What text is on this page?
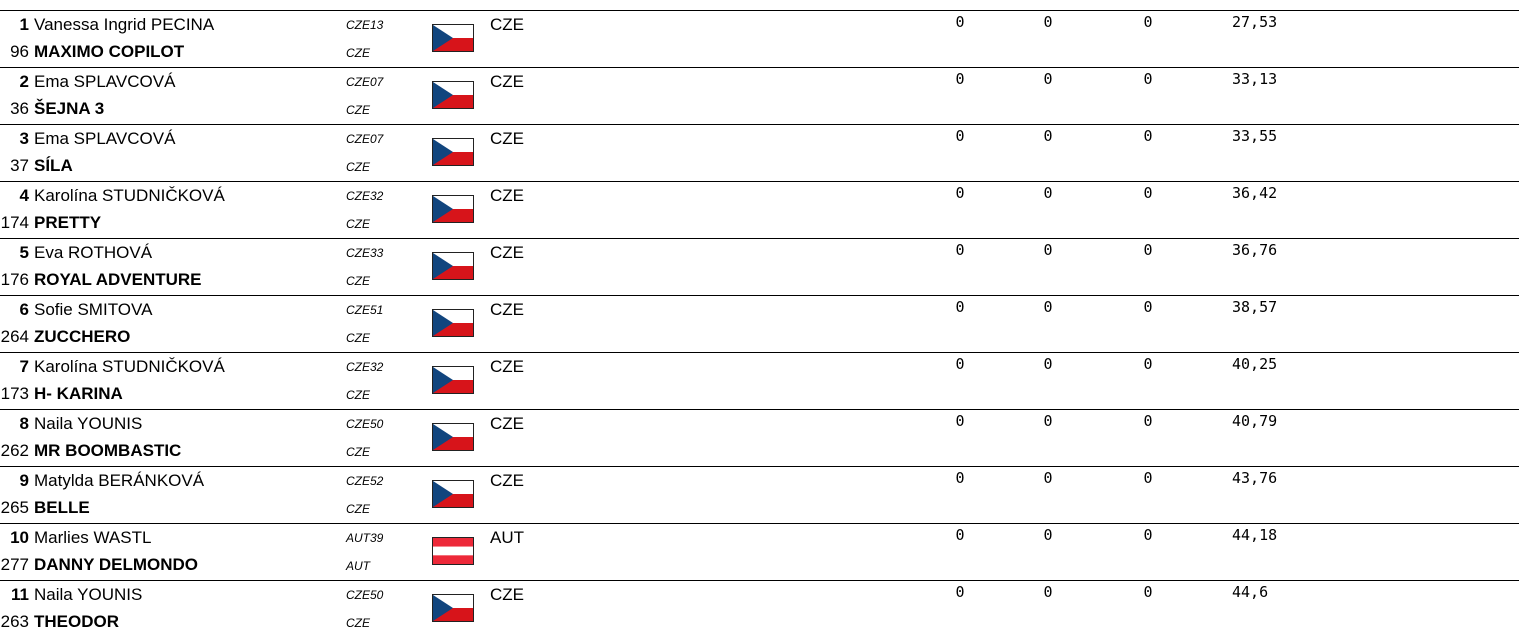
1 Vanessa Ingrid PECINA
96 MAXIMO COPILOT
CZE13
CZE
CZE	0	0	0	27,53
2 Ema SPLAVCOVÁ
36 ŠEJNA 3
CZE07
CZE
CZE	0	0	0	33,13
3 Ema SPLAVCOVÁ
37 SÍLA
CZE07
CZE
CZE	0	0	0	33,55
4 Karolína STUDNIČKOVÁ
174 PRETTY
CZE32
CZE
CZE	0	0	0	36,42
5 Eva ROTHOVÁ
176 ROYAL ADVENTURE
CZE33
CZE
CZE	0	0	0	36,76
6 Sofie SMITOVA
264 ZUCCHERO
CZE51
CZE
CZE	0	0	0	38,57
7 Karolína STUDNIČKOVÁ
173 H- KARINA
CZE32
CZE
CZE	0	0	0	40,25
8 Naila YOUNIS
262 MR BOOMBASTIC
CZE50
CZE
CZE	0	0	0	40,79
9 Matylda BERÁNKOVÁ
265 BELLE
CZE52
CZE
CZE	0	0	0	43,76
10 Marlies WASTL
277 DANNY DELMONDO
AUT39
AUT
AUT	0	0	0	44,18
11 Naila YOUNIS
263 THEODOR
CZE50
CZE
CZE	0	0	0	44,6
